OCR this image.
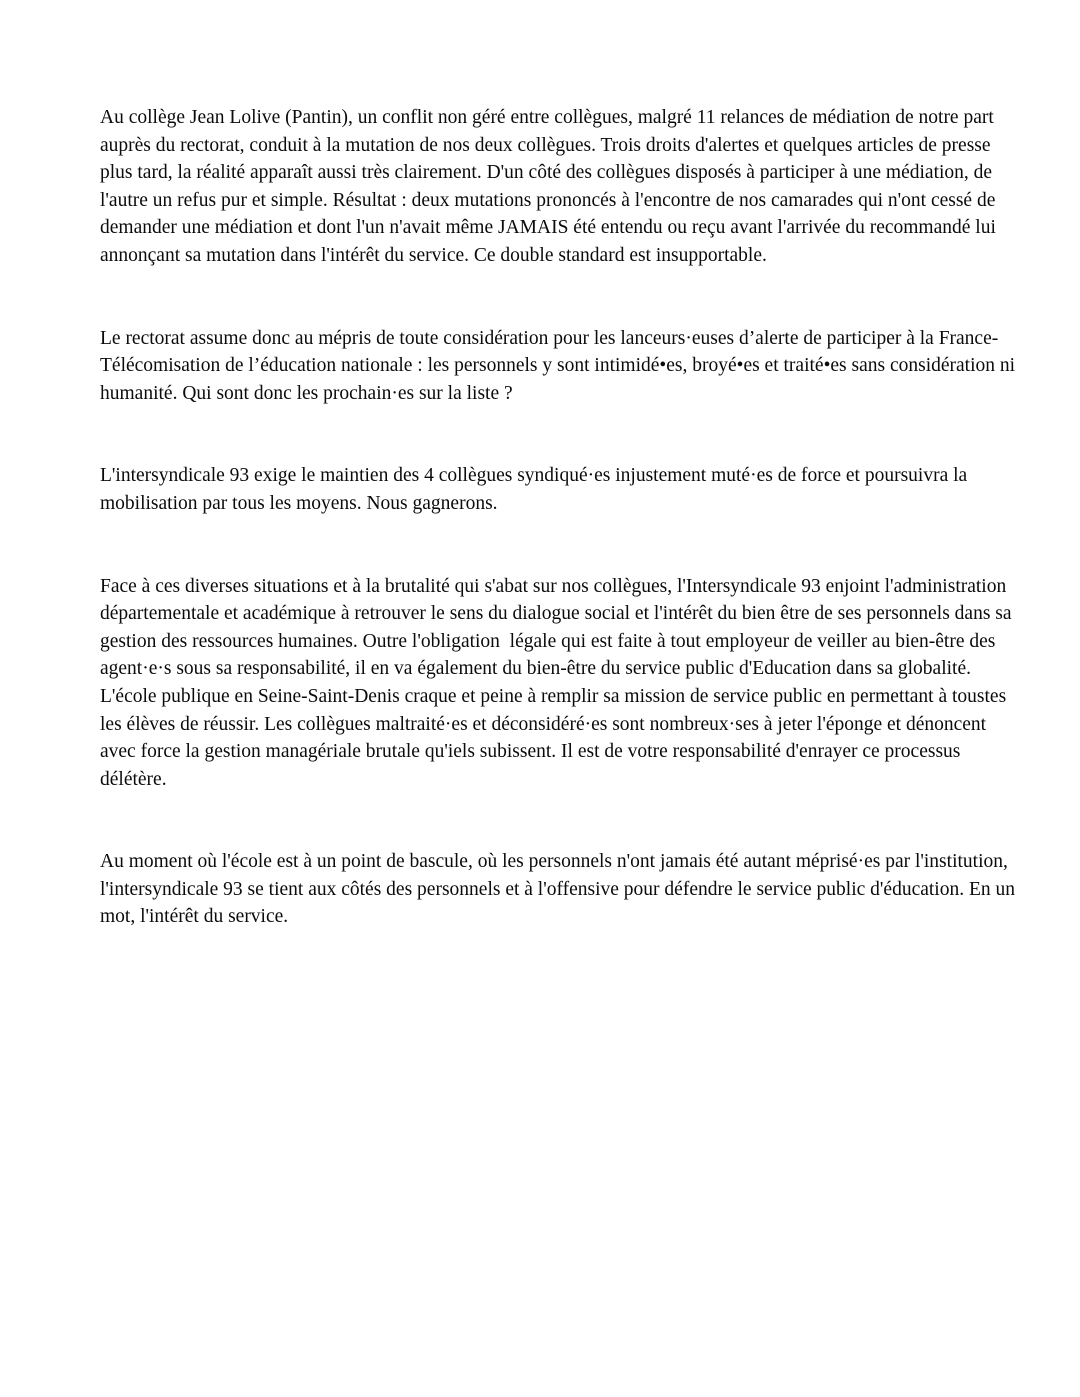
Au collège Jean Lolive (Pantin), un conflit non géré entre collègues, malgré 11 relances de médiation de notre part auprès du rectorat, conduit à la mutation de nos deux collègues. Trois droits d'alertes et quelques articles de presse plus tard, la réalité apparaît aussi très clairement. D'un côté des collègues disposés à participer à une médiation, de l'autre un refus pur et simple. Résultat : deux mutations prononcés à l'encontre de nos camarades qui n'ont cessé de demander une médiation et dont l'un n'avait même JAMAIS été entendu ou reçu avant l'arrivée du recommandé lui annonçant sa mutation dans l'intérêt du service. Ce double standard est insupportable.

Le rectorat assume donc au mépris de toute considération pour les lanceurs·euses d’alerte de participer à la France-Télécomisation de l’éducation nationale : les personnels y sont intimidé•es, broyé•es et traité•es sans considération ni humanité. Qui sont donc les prochain·es sur la liste ?

L'intersyndicale 93 exige le maintien des 4 collègues syndiqué·es injustement muté·es de force et poursuivra la mobilisation par tous les moyens. Nous gagnerons.

Face à ces diverses situations et à la brutalité qui s'abat sur nos collègues, l'Intersyndicale 93 enjoint l'administration départementale et académique à retrouver le sens du dialogue social et l'intérêt du bien être de ses personnels dans sa gestion des ressources humaines. Outre l'obligation  légale qui est faite à tout employeur de veiller au bien-être des agent·e·s sous sa responsabilité, il en va également du bien-être du service public d'Education dans sa globalité. L'école publique en Seine-Saint-Denis craque et peine à remplir sa mission de service public en permettant à toustes les élèves de réussir. Les collègues maltraité·es et déconsidéré·es sont nombreux·ses à jeter l'éponge et dénoncent avec force la gestion managériale brutale qu'iels subissent. Il est de votre responsabilité d'enrayer ce processus délétère.

Au moment où l'école est à un point de bascule, où les personnels n'ont jamais été autant méprisé·es par l'institution, l'intersyndicale 93 se tient aux côtés des personnels et à l'offensive pour défendre le service public d'éducation. En un mot, l'intérêt du service.
